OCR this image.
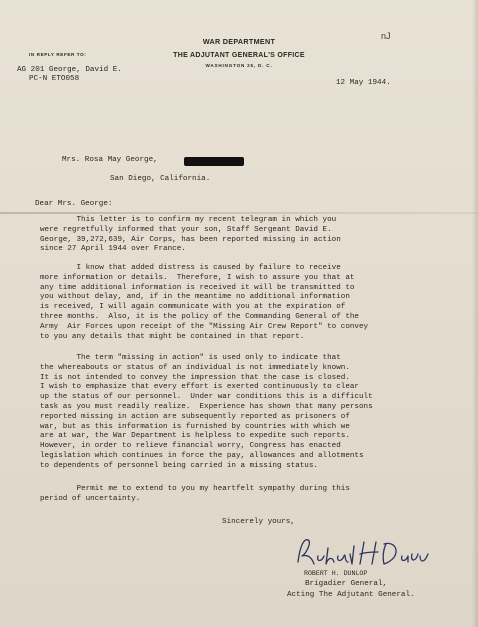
nJ
WAR DEPARTMENT
THE ADJUTANT GENERAL'S OFFICE
WASHINGTON 25, D. C.
IN REPLY REFER TO:
AG 201 George, David E.
PC-N ETO058	12 May 1944.
Mrs. Rosa May George,
San Diego, California.
Dear Mrs. George:
This letter is to confirm my recent telegram in which you
were regretfully informed that your son, Staff Sergeant David E.
George, 39,272,639, Air Corps, has been reported missing in action
since 27 April 1944 over France.
I know that added distress is caused by failure to receive
more information or details.  Therefore, I wish to assure you that at
any time additional information is received it will be transmitted to
you without delay, and, if in the meantime no additional information
is received, I will again communicate with you at the expiration of
three months.  Also, it is the policy of the Commanding General of the
Army  Air Forces upon receipt of the "Missing Air Crew Report" to convey
to you any details that might be contained in that report.
The term "missing in action" is used only to indicate that
the whereabouts or status of an individual is not immediately known.
It is not intended to convey the impression that the case is closed.
I wish to emphasize that every effort is exerted continuously to clear
up the status of our personnel.  Under war conditions this is a difficult
task as you must readily realize.  Experience has shown that many persons
reported missing in action are subsequently reported as prisoners of
war, but as this information is furnished by countries with which we
are at war, the War Department is helpless to expedite such reports.
However, in order to relieve financial worry, Congress has enacted
legislation which continues in force the pay, allowances and allotments
to dependents of personnel being carried in a missing status.
Permit me to extend to you my heartfelt sympathy during this
period of uncertainty.
Sincerely yours,
ROBERT H. DUNLOP
Brigadier General,
Acting The Adjutant General.
